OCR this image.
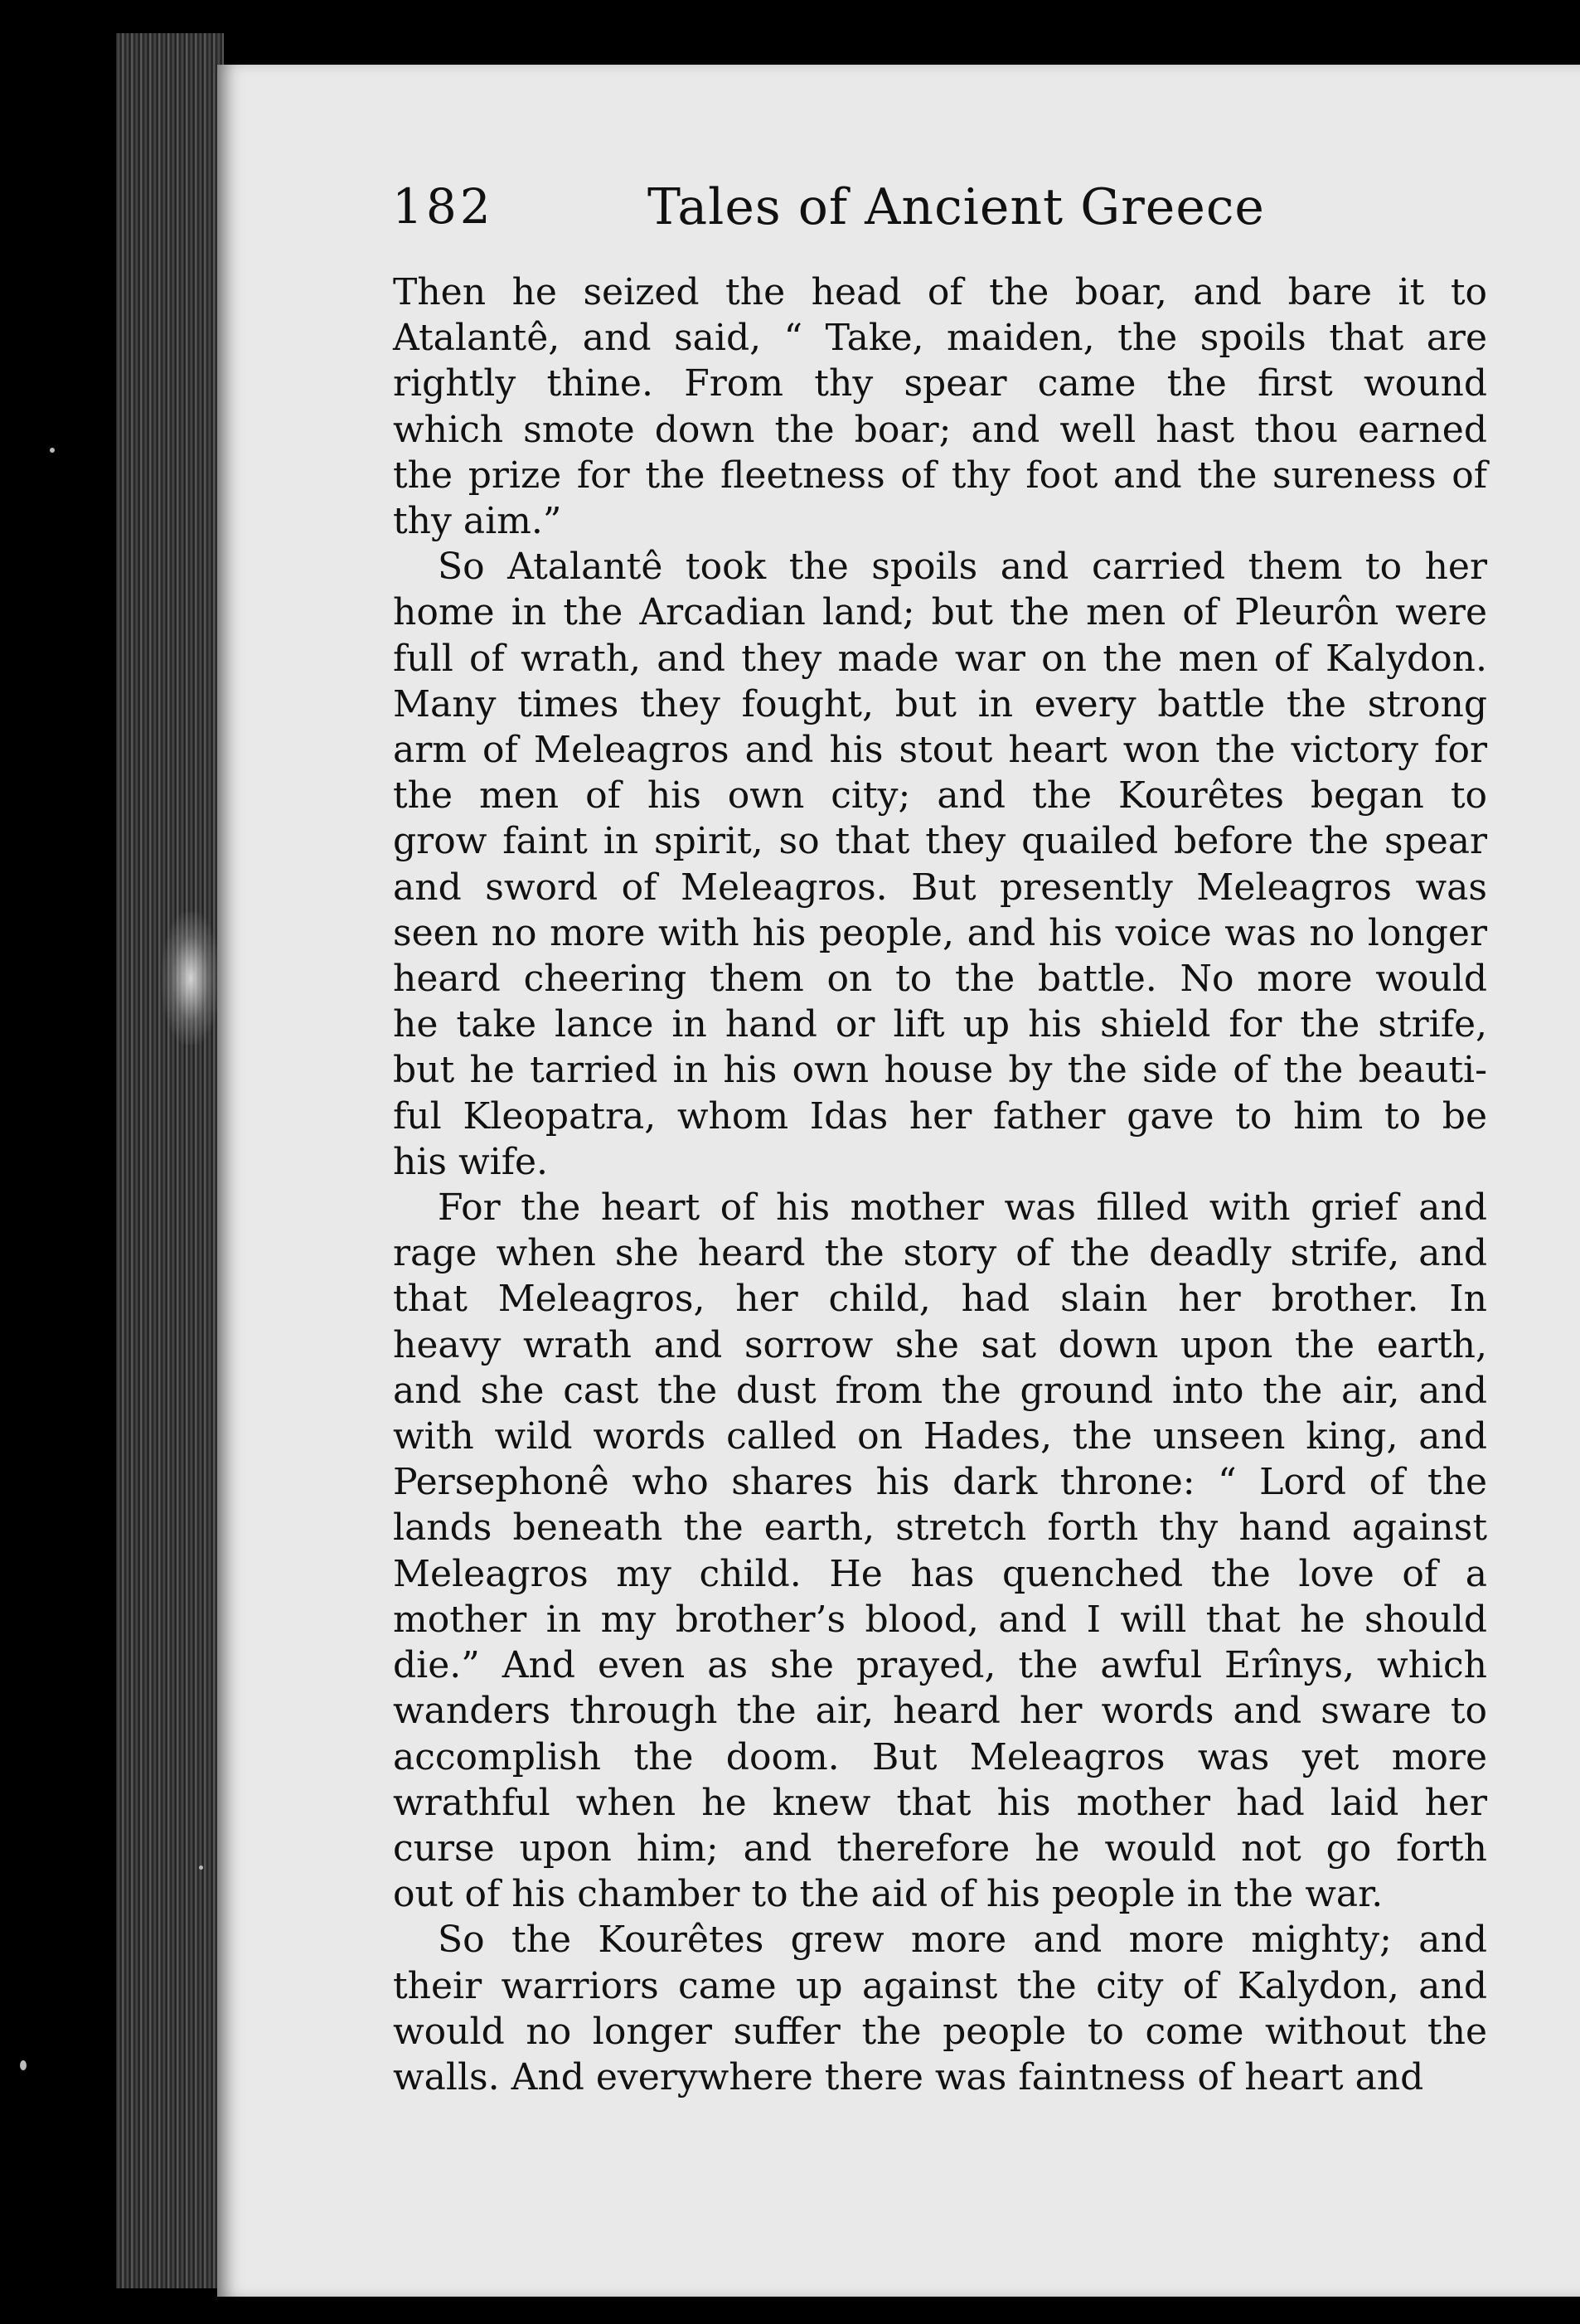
182	Tales of Ancient Greece
Then he seized the head of the boar, and bare it to
Atalantê, and said, “ Take, maiden, the spoils that are
rightly thine. From thy spear came the first wound
which smote down the boar; and well hast thou earned
the prize for the fleetness of thy foot and the sureness of
thy aim.”
So Atalantê took the spoils and carried them to her
home in the Arcadian land; but the men of Pleurôn were
full of wrath, and they made war on the men of Kalydon.
Many times they fought, but in every battle the strong
arm of Meleagros and his stout heart won the victory for
the men of his own city; and the Kourêtes began to
grow faint in spirit, so that they quailed before the spear
and sword of Meleagros. But presently Meleagros was
seen no more with his people, and his voice was no longer
heard cheering them on to the battle. No more would
he take lance in hand or lift up his shield for the strife,
but he tarried in his own house by the side of the beauti-
ful Kleopatra, whom Idas her father gave to him to be
his wife.
For the heart of his mother was filled with grief and
rage when she heard the story of the deadly strife, and
that Meleagros, her child, had slain her brother. In
heavy wrath and sorrow she sat down upon the earth,
and she cast the dust from the ground into the air, and
with wild words called on Hades, the unseen king, and
Persephonê who shares his dark throne: “ Lord of the
lands beneath the earth, stretch forth thy hand against
Meleagros my child. He has quenched the love of a
mother in my brother’s blood, and I will that he should
die.” And even as she prayed, the awful Erînys, which
wanders through the air, heard her words and sware to
accomplish the doom. But Meleagros was yet more
wrathful when he knew that his mother had laid her
curse upon him; and therefore he would not go forth
out of his chamber to the aid of his people in the war.
So the Kourêtes grew more and more mighty; and
their warriors came up against the city of Kalydon, and
would no longer suffer the people to come without the
walls. And everywhere there was faintness of heart and
